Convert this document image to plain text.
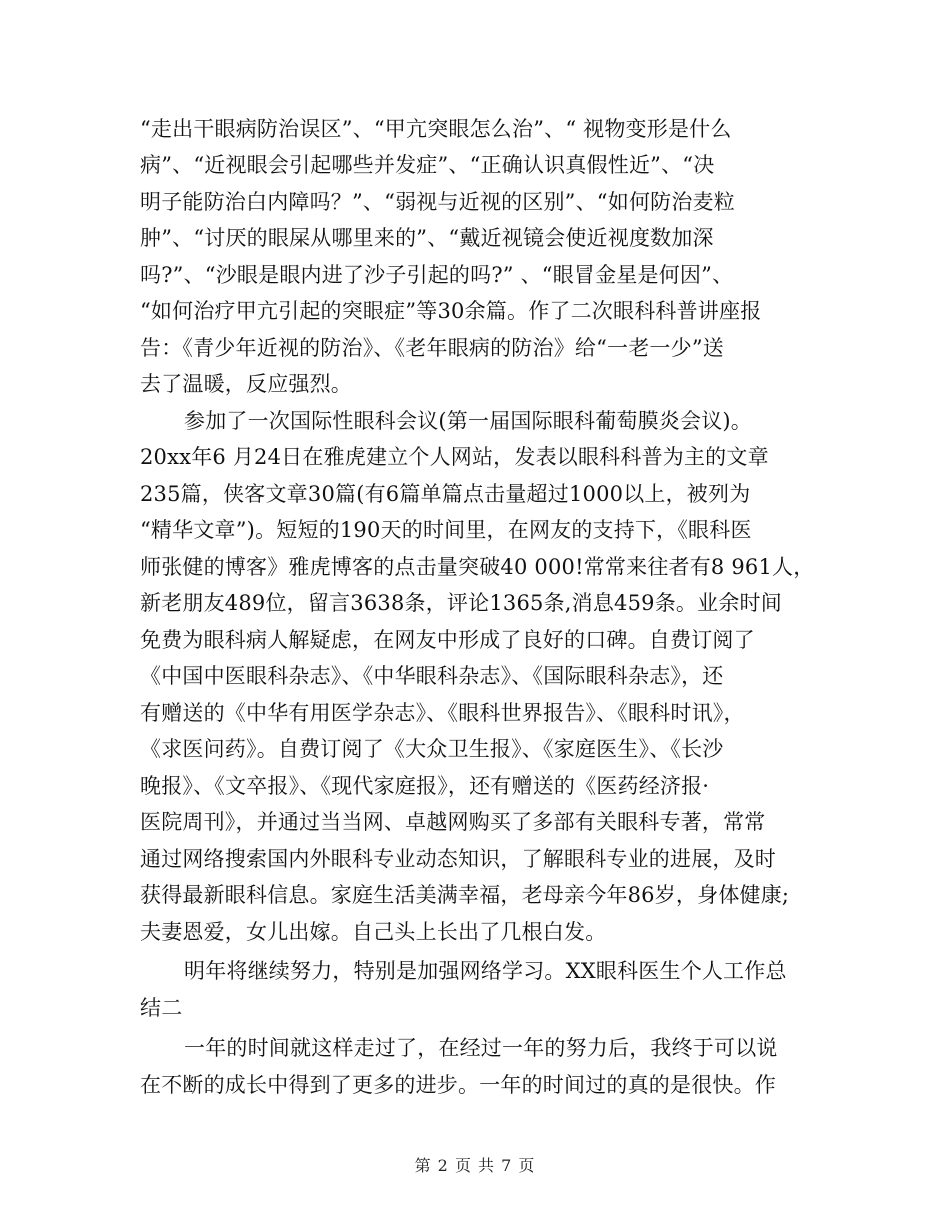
“走出干眼病防治误区”、“甲亢突眼怎么治”、“ 视物变形是什么
病”、“近视眼会引起哪些并发症”、“正确认识真假性近”、“决
明子能防治白内障吗？”、“弱视与近视的区别”、“如何防治麦粒
肿”、“讨厌的眼屎从哪里来的”、“戴近视镜会使近视度数加深
吗?”、“沙眼是眼内进了沙子引起的吗?” 、“眼冒金星是何因”、
“如何治疗甲亢引起的突眼症”等30余篇。作了二次眼科科普讲座报
告：《青少年近视的防治》、《老年眼病的防治》给“一老一少”送
去了温暖，反应强烈。
参加了一次国际性眼科会议(第一届国际眼科葡萄膜炎会议)。
20xx年6 月24日在雅虎建立个人网站，发表以眼科科普为主的文章
235篇，侠客文章30篇(有6篇单篇点击量超过1000以上，被列为
“精华文章”)。短短的190天的时间里，在网友的支持下，《眼科医
师张健的博客》雅虎博客的点击量突破40 000!常常来往者有8 961人，
新老朋友489位，留言3638条，评论1365条,消息459条。业余时间
免费为眼科病人解疑虑，在网友中形成了良好的口碑。自费订阅了
《中国中医眼科杂志》、《中华眼科杂志》、《国际眼科杂志》，还
有赠送的《中华有用医学杂志》、《眼科世界报告》、《眼科时讯》，
《求医问药》。自费订阅了《大众卫生报》、《家庭医生》、《长沙
晚报》、《文卒报》、《现代家庭报》，还有赠送的《医药经济报·
医院周刊》，并通过当当网、卓越网购买了多部有关眼科专著，常常
通过网络搜索国内外眼科专业动态知识，了解眼科专业的进展，及时
获得最新眼科信息。家庭生活美满幸福，老母亲今年86岁，身体健康;
夫妻恩爱，女儿出嫁。自己头上长出了几根白发。
明年将继续努力，特别是加强网络学习。XX眼科医生个人工作总
结二
一年的时间就这样走过了，在经过一年的努力后，我终于可以说
在不断的成长中得到了更多的进步。一年的时间过的真的是很快。作
第 2 页 共 7 页
